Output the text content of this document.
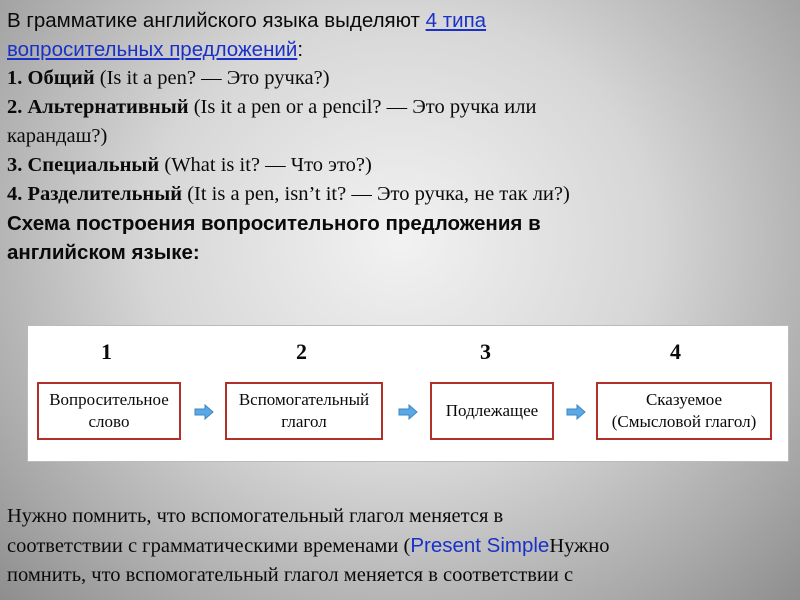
В грамматике английского языка выделяют 4 типа
вопросительных предложений:
1. Общий (Is it a pen? — Это ручка?)
2. Альтернативный (Is it a pen or a pencil? — Это ручка или
карандаш?)
3. Специальный (What is it? — Что это?)
4. Разделительный (It is a pen, isn’t it? — Это ручка, не так ли?)
Схема построения вопросительного предложения в
английском языке:
1	2	3	4
Вопросительное
слово
Вспомогательный
глагол
Подлежащее
Сказуемое
(Смысловой глагол)
Нужно помнить, что вспомогательный глагол меняется в
соответствии с грамматическими временами (Present SimpleНужно
помнить, что вспомогательный глагол меняется в соответствии с
